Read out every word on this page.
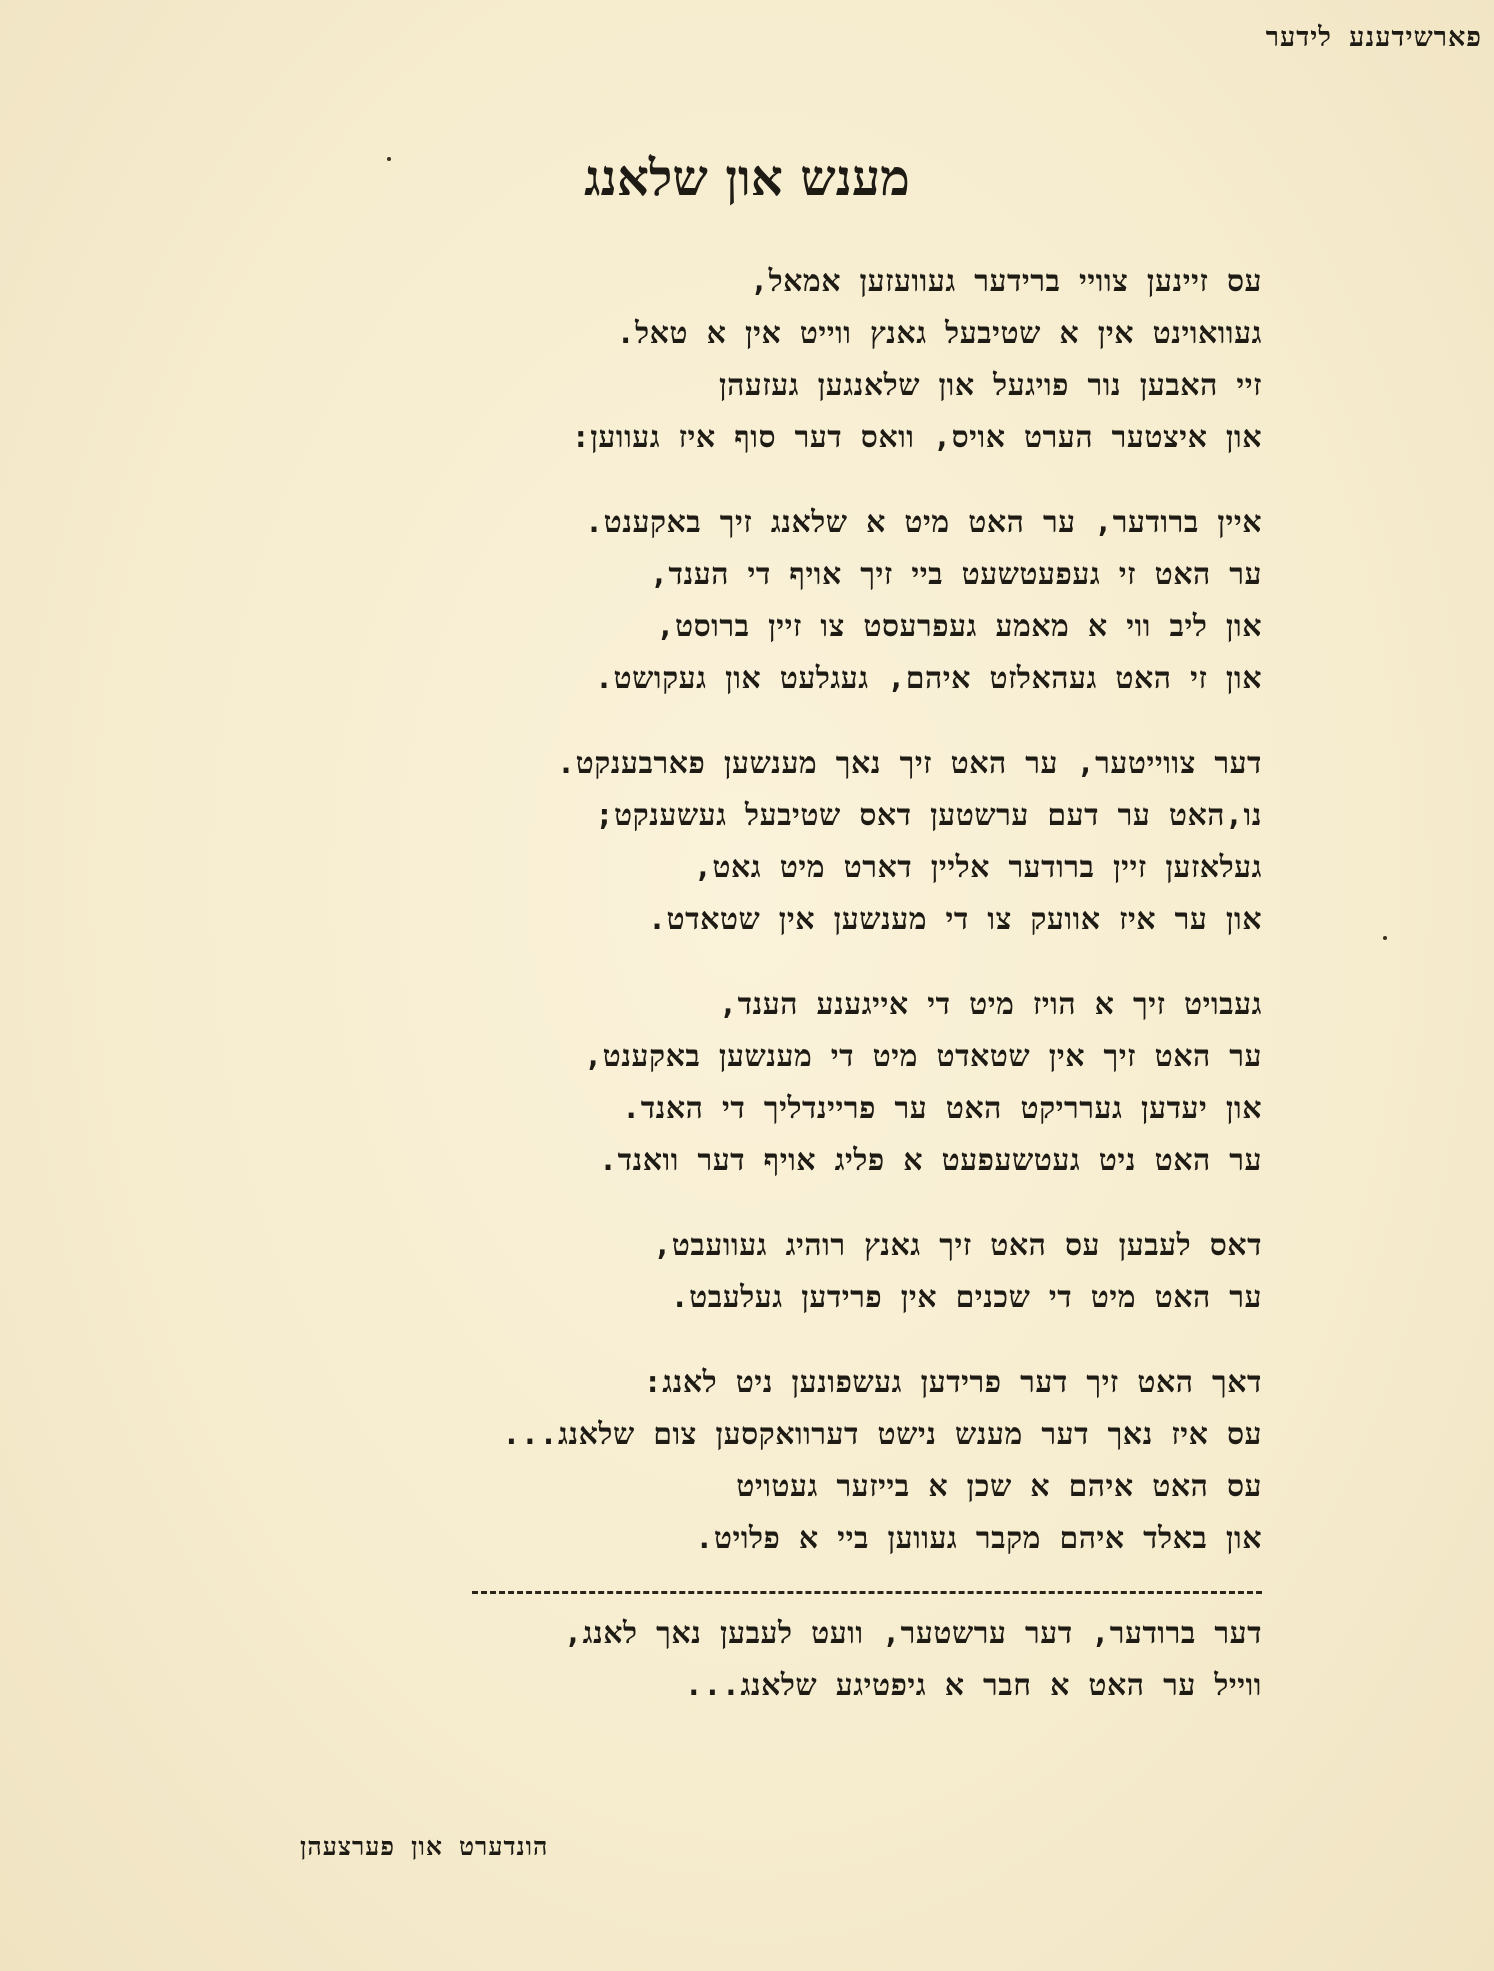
פארשידענע לידער
מענש און שלאנג
עס זיינען צוויי ברידער געוועזען אמאל,
געוואוינט אין א שטיבעל גאנץ ווייט אין א טאל.
זיי האבען נור פויגעל און שלאנגען געזעהן
און איצטער הערט אויס, וואס דער סוף איז געווען:
איין ברודער, ער האט מיט א שלאנג זיך באקענט.
ער האט זי געפעטשעט ביי זיך אויף די הענד,
און ליב ווי א מאמע געפרעסט צו זיין ברוסט,
און זי האט געהאלזט איהם, געגלעט און געקושט.
דער צווייטער, ער האט זיך נאך מענשען פארבענקט.
נו,האט ער דעם ערשטען דאס שטיבעל געשענקט;
געלאזען זיין ברודער אליין דארט מיט גאט,
און ער איז אוועק צו די מענשען אין שטאדט.
געבויט זיך א הויז מיט די אייגענע הענד,
ער האט זיך אין שטאדט מיט די מענשען באקענט,
און יעדען גערריקט האט ער פריינדליך די האנד.
ער האט ניט געטשעפעט א פליג אויף דער וואנד.
דאס לעבען עס האט זיך גאנץ רוהיג געוועבט,
ער האט מיט די שכנים אין פרידען געלעבט.
דאך האט זיך דער פרידען געשפונען ניט לאנג:
עס איז נאך דער מענש נישט דערוואקסען צום שלאנג...
עס האט איהם א שכן א בייזער געטויט
און באלד איהם מקבר געווען ביי א פלויט.
דער ברודער, דער ערשטער, וועט לעבען נאך לאנג,
ווייל ער האט א חבר א גיפטיגע שלאנג...
הונדערט און פערצעהן
